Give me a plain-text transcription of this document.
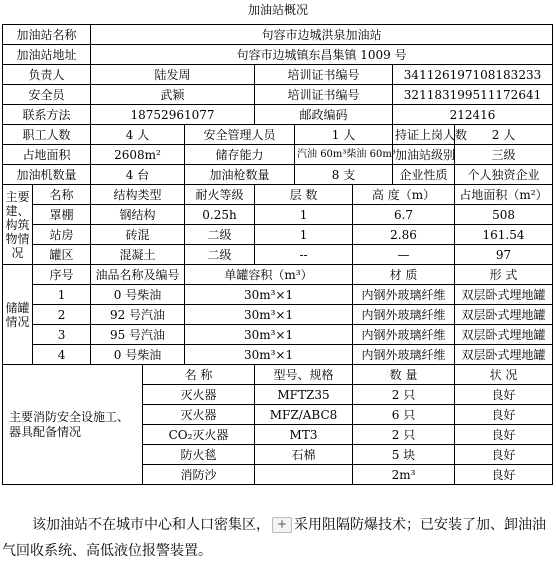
加油站概况
加油站名称		句容市边城洪泉加油站							
加油站地址		句容市边城镇东昌集镇 1009 号							
负责人		陆发周			培训证书编号			341126197108183233	
安全员		武颖			培训证书编号			321183199511172641	
联系方法		18752961077			邮政编码			212416	
职工人数		4 人		安全管理人员		1 人		持证上岗人数	2 人
占地面积		2608m²		储存能力		汽油 60m³柴油 60m³		加油站级别	三级
加油机数量		4 台		加油枪数量		8 支		企业性质	个人独资企业
主要建、构筑物情况	名称	结构类型		耐火等级	层 数		高 度（m）		占地面积（m²）
	罩棚	钢结构		0.25h	1		6.7		508
	站房	砖混		二级	1		2.86		161.54
	罐区	混凝土		二级	--		—		97
储罐情况	序号	油品名称及编号		单罐容积（m³）			材 质		形 式
	1	0 号柴油		30m³×1			内钢外玻璃纤维		双层卧式埋地罐
	2	92 号汽油		30m³×1			内钢外玻璃纤维		双层卧式埋地罐
	3	95 号汽油		30m³×1			内钢外玻璃纤维		双层卧式埋地罐
	4	0 号柴油		30m³×1			内钢外玻璃纤维		双层卧式埋地罐
主要消防安全设施工、器具配备情况			名 称		型号、规格		数 量		状 况
			灭火器		MFTZ35		2 只		良好
			灭火器		MFZ/ABC8		6 只		良好
			CO₂灭火器		MT3		2 只		良好
			防火毯		石棉		5 块		良好
			消防沙				2m³		良好
该加油站不在城市中心和人口密集区， + 采用阻隔防爆技术；已安装了加、卸油油气回收系统、高低液位报警装置。
